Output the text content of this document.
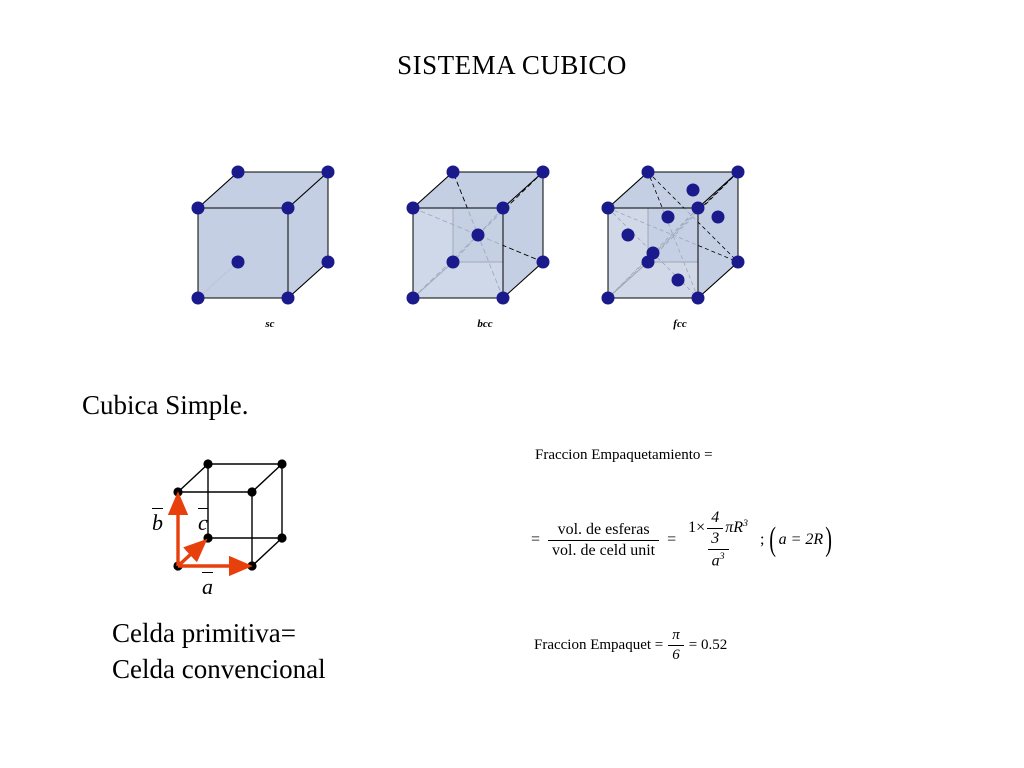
SISTEMA CUBICO
sc	bcc	fcc
Cubica Simple.
b c
a
Celda primitiva=
Celda convencional
Fraccion Empaquetamiento =
= $\frac{\text{vol. de esferas}}{\text{vol. de celd unit}} = \frac{1\times \frac{4}{3} \pi R^3}{a^3}$ ; ( a = 2R )
Fraccion Empaquet = $\frac{\pi}{6} = 0.52$
